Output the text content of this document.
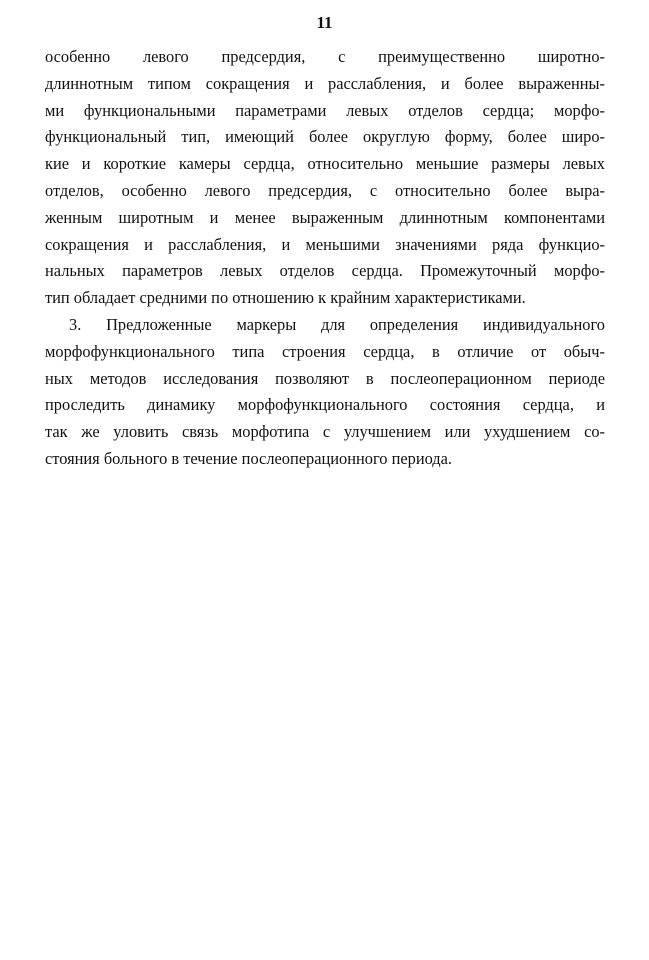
11
особенно левого предсердия, с преимущественно широтно-
длиннотным типом сокращения и расслабления, и более выраженны-
ми функциональными параметрами левых отделов сердца; морфо-
функциональный тип, имеющий более округлую форму, более широ-
кие и короткие камеры сердца, относительно меньшие размеры левых
отделов, особенно левого предсердия, с относительно более выра-
женным широтным и менее выраженным длиннотным компонентами
сокращения и расслабления, и меньшими значениями ряда функцио-
нальных параметров левых отделов сердца. Промежуточный морфо-
тип обладает средними по отношению к крайним характеристиками.
3. Предложенные маркеры для определения индивидуального
морфофункционального типа строения сердца, в отличие от обыч-
ных методов исследования позволяют в послеоперационном периоде
проследить динамику морфофункционального состояния сердца, и
так же уловить связь морфотипа с улучшением или ухудшением со-
стояния больного в течение послеоперационного периода.
